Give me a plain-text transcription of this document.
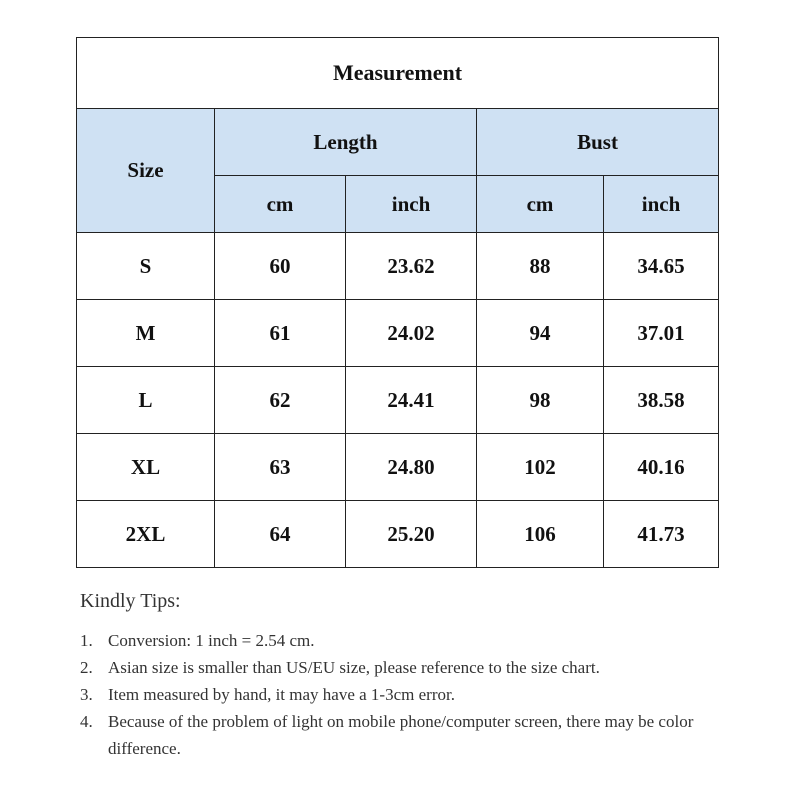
Measurement				
Size	Length		Bust	
	cm	inch	cm	inch
S	60	23.62	88	34.65
M	61	24.02	94	37.01
L	62	24.41	98	38.58
XL	63	24.80	102	40.16
2XL	64	25.20	106	41.73
Kindly Tips:
1. Conversion: 1 inch = 2.54 cm.
2. Asian size is smaller than US/EU size, please reference to the size chart.
3. Item measured by hand, it may have a 1-3cm error.
4. Because of the problem of light on mobile phone/computer screen, there may be color difference.
